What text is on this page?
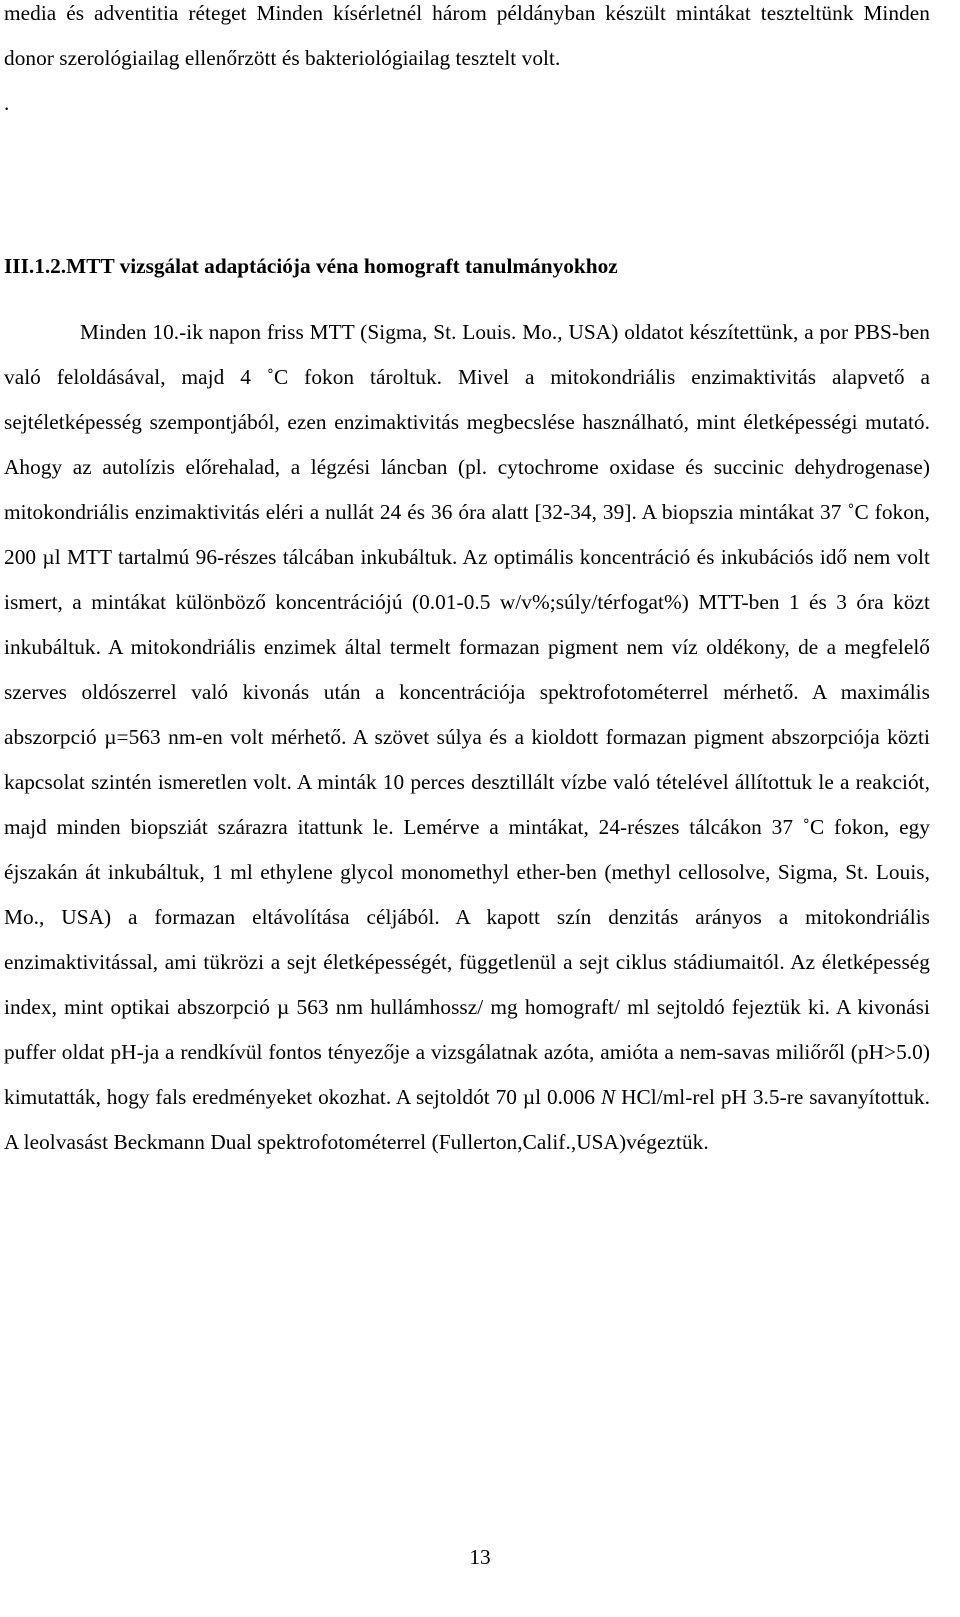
media és adventitia réteget Minden kísérletnél három példányban készült mintákat teszteltünk Minden donor szerológiailag ellenőrzött és bakteriológiailag tesztelt volt.
.
III.1.2.MTT vizsgálat adaptációja véna homograft tanulmányokhoz
Minden 10.-ik napon friss MTT (Sigma, St. Louis. Mo., USA) oldatot készítettünk, a por PBS-ben való feloldásával, majd 4 ˚C fokon tároltuk. Mivel a mitokondriális enzimaktivitás alapvető a sejtéletképesség szempontjából, ezen enzimaktivitás megbecslése használható, mint életképességi mutató. Ahogy az autolízis előrehalad, a légzési láncban (pl. cytochrome oxidase és succinic dehydrogenase) mitokondriális enzimaktivitás eléri a nullát 24 és 36 óra alatt [32-34, 39]. A biopszia mintákat 37 ˚C fokon, 200 µl MTT tartalmú 96-részes tálcában inkubáltuk. Az optimális koncentráció és inkubációs idő nem volt ismert, a mintákat különböző koncentrációjú (0.01-0.5 w/v%;súly/térfogat%) MTT-ben 1 és 3 óra közt inkubáltuk. A mitokondriális enzimek által termelt formazan pigment nem víz oldékony, de a megfelelő szerves oldószerrel való kivonás után a koncentrációja spektrofotométerrel mérhető. A maximális abszorpció µ=563 nm-en volt mérhető. A szövet súlya és a kioldott formazan pigment abszorpciója közti kapcsolat szintén ismeretlen volt. A minták 10 perces desztillált vízbe való tételével állítottuk le a reakciót, majd minden biopsziát szárazra itattunk le. Lemérve a mintákat, 24-részes tálcákon 37 ˚C fokon, egy éjszakán át inkubáltuk, 1 ml ethylene glycol monomethyl ether-ben (methyl cellosolve, Sigma, St. Louis, Mo., USA) a formazan eltávolítása céljából. A kapott szín denzitás arányos a mitokondriális enzimaktivitással, ami tükrözi a sejt életképességét, függetlenül a sejt ciklus stádiumaitól. Az életképesség index, mint optikai abszorpció µ 563 nm hullámhossz/ mg homograft/ ml sejtoldó fejeztük ki. A kivonási puffer oldat pH-ja a rendkívül fontos tényezője a vizsgálatnak azóta, amióta a nem-savas miliőről (pH>5.0) kimutatták, hogy fals eredményeket okozhat. A sejtoldót 70 µl 0.006 N HCl/ml-rel pH 3.5-re savanyítottuk. A leolvasást Beckmann Dual spektrofotométerrel (Fullerton,Calif.,USA)végeztük.
13
